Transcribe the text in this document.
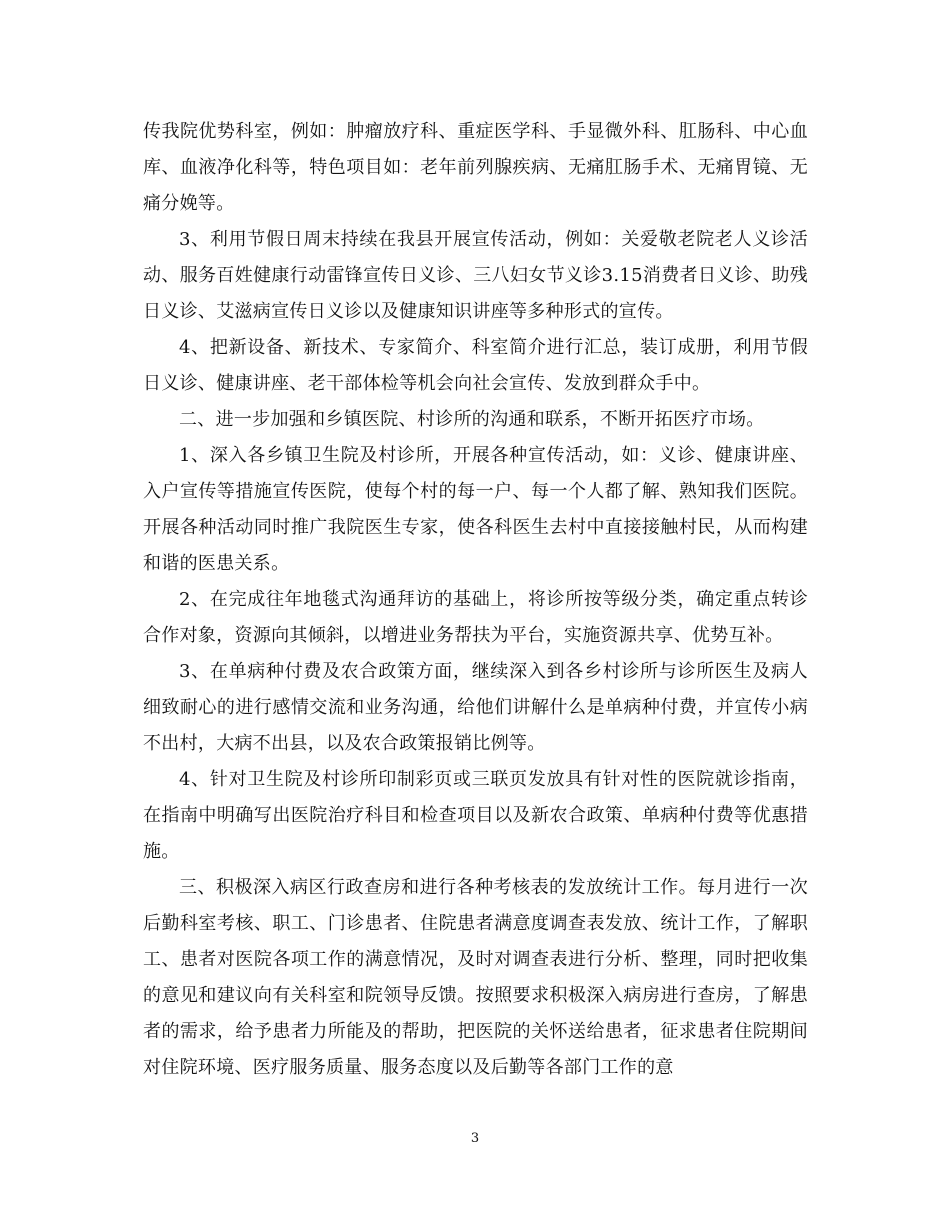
传我院优势科室，例如：肿瘤放疗科、重症医学科、手显微外科、肛肠科、中心血库、血液净化科等，特色项目如：老年前列腺疾病、无痛肛肠手术、无痛胃镜、无痛分娩等。

3、利用节假日周末持续在我县开展宣传活动，例如：关爱敬老院老人义诊活动、服务百姓健康行动雷锋宣传日义诊、三八妇女节义诊3.15消费者日义诊、助残日义诊、艾滋病宣传日义诊以及健康知识讲座等多种形式的宣传。

4、把新设备、新技术、专家简介、科室简介进行汇总，装订成册，利用节假日义诊、健康讲座、老干部体检等机会向社会宣传、发放到群众手中。

二、进一步加强和乡镇医院、村诊所的沟通和联系，不断开拓医疗市场。

1、深入各乡镇卫生院及村诊所，开展各种宣传活动，如：义诊、健康讲座、入户宣传等措施宣传医院，使每个村的每一户、每一个人都了解、熟知我们医院。开展各种活动同时推广我院医生专家，使各科医生去村中直接接触村民，从而构建和谐的医患关系。

2、在完成往年地毯式沟通拜访的基础上，将诊所按等级分类，确定重点转诊合作对象，资源向其倾斜，以增进业务帮扶为平台，实施资源共享、优势互补。

3、在单病种付费及农合政策方面，继续深入到各乡村诊所与诊所医生及病人细致耐心的进行感情交流和业务沟通，给他们讲解什么是单病种付费，并宣传小病不出村，大病不出县，以及农合政策报销比例等。

4、针对卫生院及村诊所印制彩页或三联页发放具有针对性的医院就诊指南，在指南中明确写出医院治疗科目和检查项目以及新农合政策、单病种付费等优惠措施。

三、积极深入病区行政查房和进行各种考核表的发放统计工作。每月进行一次后勤科室考核、职工、门诊患者、住院患者满意度调查表发放、统计工作，了解职工、患者对医院各项工作的满意情况，及时对调查表进行分析、整理，同时把收集的意见和建议向有关科室和院领导反馈。按照要求积极深入病房进行查房，了解患者的需求，给予患者力所能及的帮助，把医院的关怀送给患者，征求患者住院期间对住院环境、医疗服务质量、服务态度以及后勤等各部门工作的意

3
